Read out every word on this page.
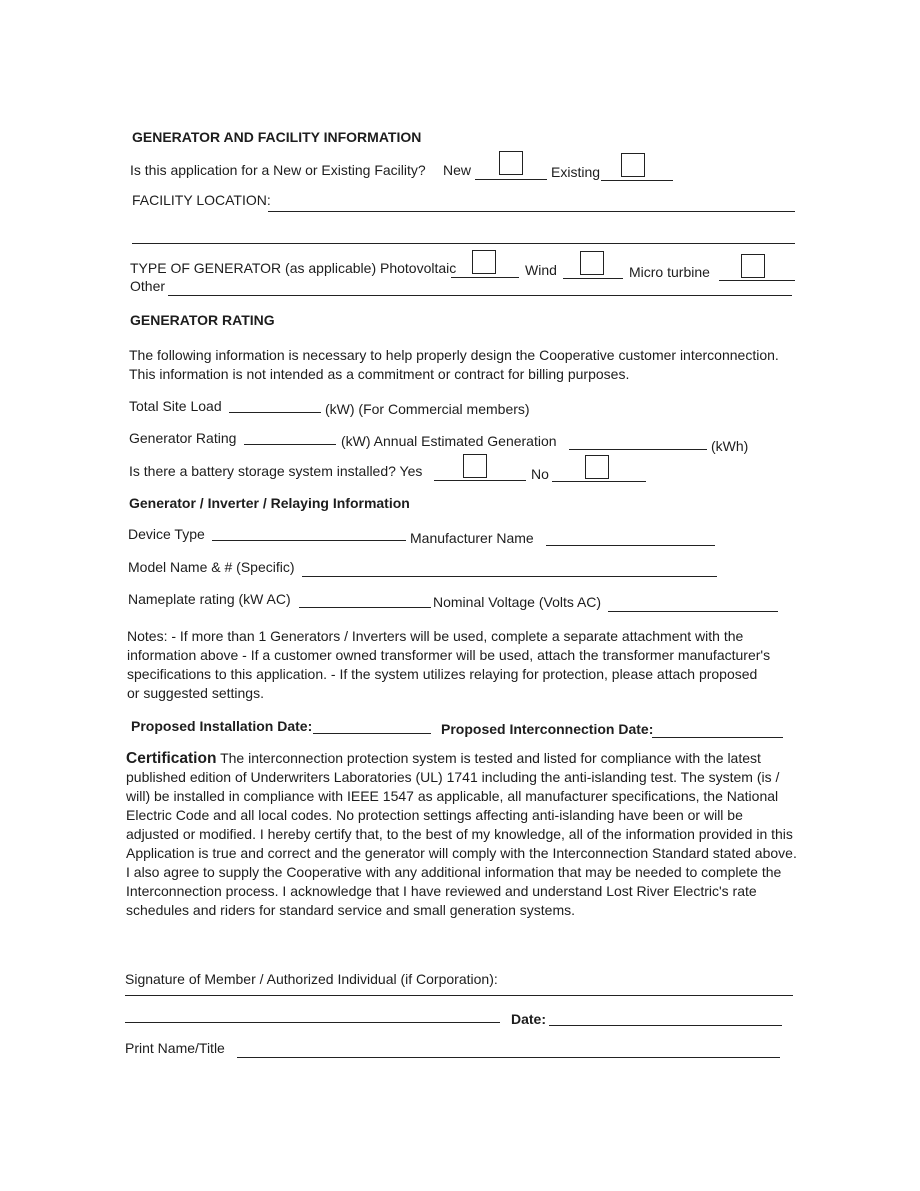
GENERATOR AND FACILITY INFORMATION
Is this application for a New or Existing Facility? New	Existing
FACILITY LOCATION:
TYPE OF GENERATOR (as applicable) Photovoltaic	Wind	Micro turbine
Other
GENERATOR RATING
The following information is necessary to help properly design the Cooperative customer interconnection. This information is not intended as a commitment or contract for billing purposes.
Total Site Load	(kW) (For Commercial members)
Generator Rating	(kW) Annual Estimated Generation	(kWh)
Is there a battery storage system installed? Yes	No
Generator / Inverter / Relaying Information
Device Type	Manufacturer Name
Model Name & # (Specific)
Nameplate rating (kW AC)	Nominal Voltage (Volts AC)
Notes: - If more than 1 Generators / Inverters will be used, complete a separate attachment with the information above - If a customer owned transformer will be used, attach the transformer manufacturer's specifications to this application. - If the system utilizes relaying for protection, please attach proposed or suggested settings.
Proposed Installation Date:	Proposed Interconnection Date:
Certification The interconnection protection system is tested and listed for compliance with the latest published edition of Underwriters Laboratories (UL) 1741 including the anti-islanding test. The system (is / will) be installed in compliance with IEEE 1547 as applicable, all manufacturer specifications, the National Electric Code and all local codes. No protection settings affecting anti-islanding have been or will be adjusted or modified. I hereby certify that, to the best of my knowledge, all of the information provided in this Application is true and correct and the generator will comply with the Interconnection Standard stated above. I also agree to supply the Cooperative with any additional information that may be needed to complete the Interconnection process. I acknowledge that I have reviewed and understand Lost River Electric's rate schedules and riders for standard service and small generation systems.
Signature of Member / Authorized Individual (if Corporation):
Date:
Print Name/Title
